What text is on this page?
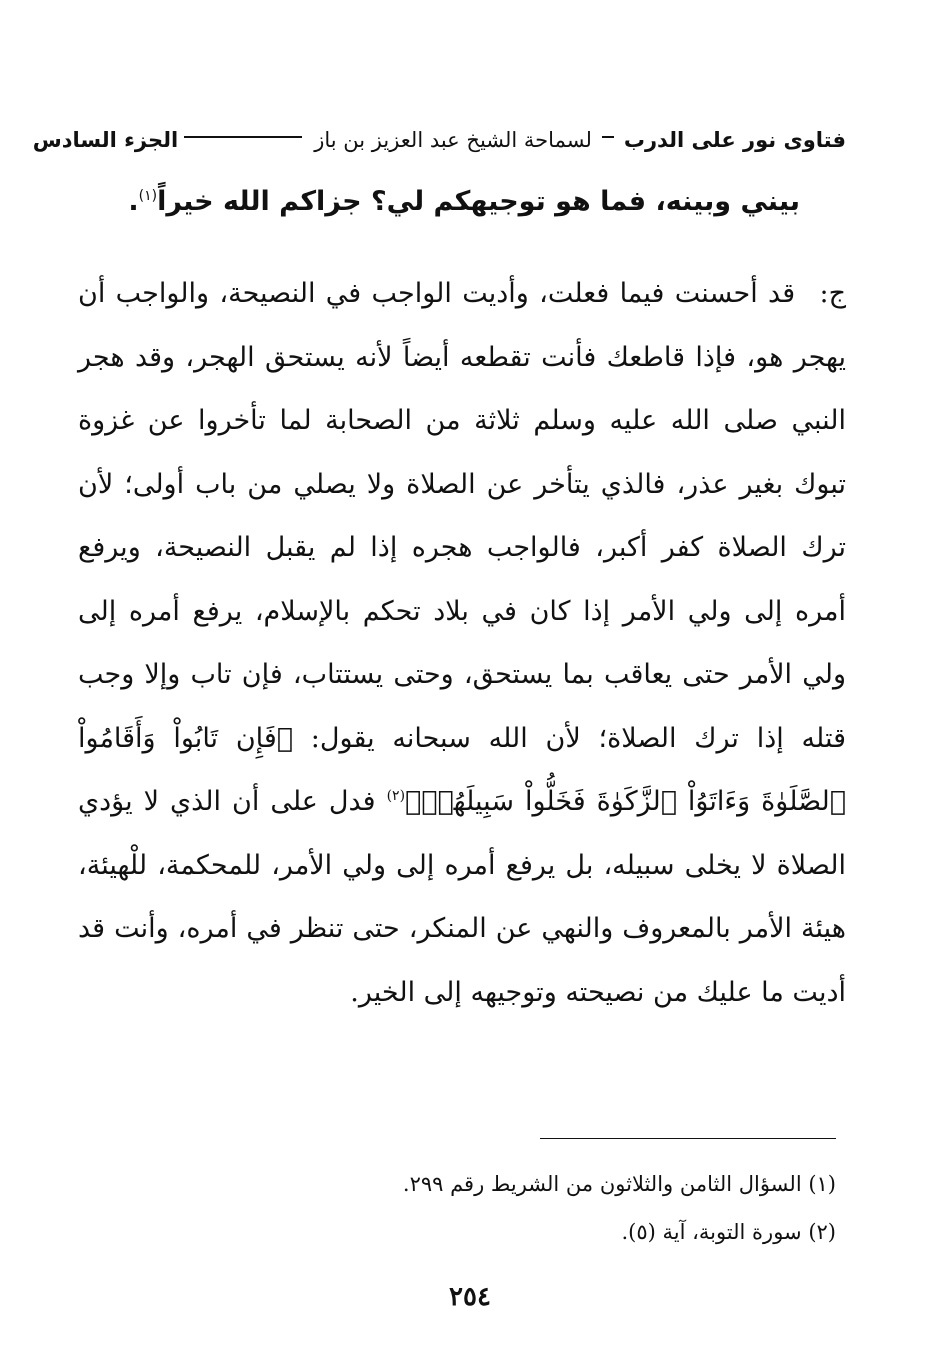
فتاوى نور على الدرب
لسماحة الشيخ عبد العزيز بن باز
الجزء السادس
بيني وبينه، فما هو توجيهكم لي؟ جزاكم الله خيراً$^{(١)}$.
ج: قد أحسنت فيما فعلت، وأديت الواجب في النصيحة، والواجب أن يهجر هو، فإذا قاطعك فأنت تقطعه أيضاً لأنه يستحق الهجر، وقد هجر النبي صلى الله عليه وسلم ثلاثة من الصحابة لما تأخروا عن غزوة تبوك بغير عذر، فالذي يتأخر عن الصلاة ولا يصلي من باب أولى؛ لأن ترك الصلاة كفر أكبر، فالواجب هجره إذا لم يقبل النصيحة، ويرفع أمره إلى ولي الأمر إذا كان في بلاد تحكم بالإسلام، يرفع أمره إلى ولي الأمر حتى يعاقب بما يستحق، وحتى يستتاب، فإن تاب وإلا وجب قتله إذا ترك الصلاة؛ لأن الله سبحانه يقول: ﴿فَإِن تَابُواْ وَأَقَامُواْ ٱلصَّلَوٰةَ وَءَاتَوُاْ ٱلزَّكَوٰةَ فَخَلُّواْ سَبِيلَهُمۡ﴾$^{(٢)}$ فدل على أن الذي لا يؤدي الصلاة لا يخلى سبيله، بل يرفع أمره إلى ولي الأمر، للمحكمة، للْهيئة، هيئة الأمر بالمعروف والنهي عن المنكر، حتى تنظر في أمره، وأنت قد أديت ما عليك من نصيحته وتوجيهه إلى الخير.
(١) السؤال الثامن والثلاثون من الشريط رقم ٢٩٩.
(٢) سورة التوبة، آية (٥).
٢٥٤
